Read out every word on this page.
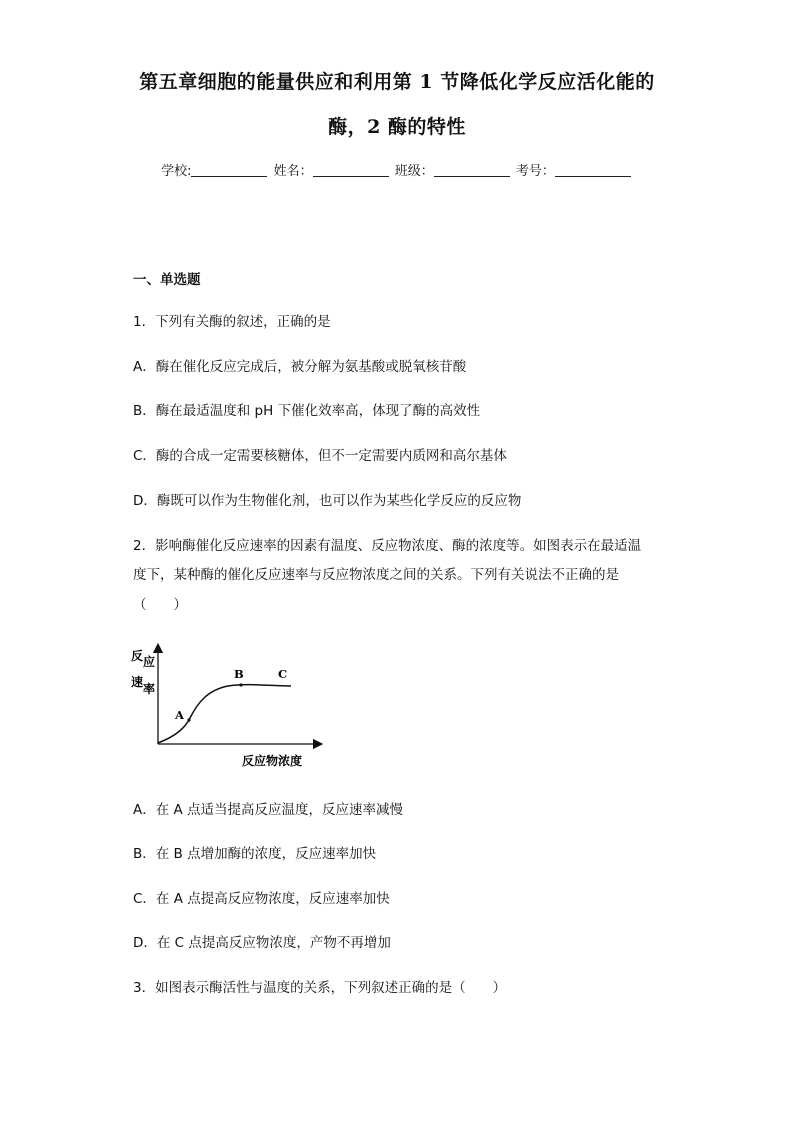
第五章细胞的能量供应和利用第 1 节降低化学反应活化能的
酶，2 酶的特性
学校:	姓名：	班级：	考号：
一、单选题
1．下列有关酶的叙述，正确的是
A．酶在催化反应完成后，被分解为氨基酸或脱氧核苷酸
B．酶在最适温度和 pH 下催化效率高，体现了酶的高效性
C．酶的合成一定需要核糖体，但不一定需要内质网和高尔基体
D．酶既可以作为生物催化剂，也可以作为某些化学反应的反应物
2．影响酶催化反应速率的因素有温度、反应物浓度、酶的浓度等。如图表示在最适温
度下，某种酶的催化反应速率与反应物浓度之间的关系。下列有关说法不正确的是
（　　）
反 应
速 率
A
B	C
反应物浓度
A．在 A 点适当提高反应温度，反应速率减慢
B．在 B 点增加酶的浓度，反应速率加快
C．在 A 点提高反应物浓度，反应速率加快
D．在 C 点提高反应物浓度，产物不再增加
3．如图表示酶活性与温度的关系，下列叙述正确的是（　　）
